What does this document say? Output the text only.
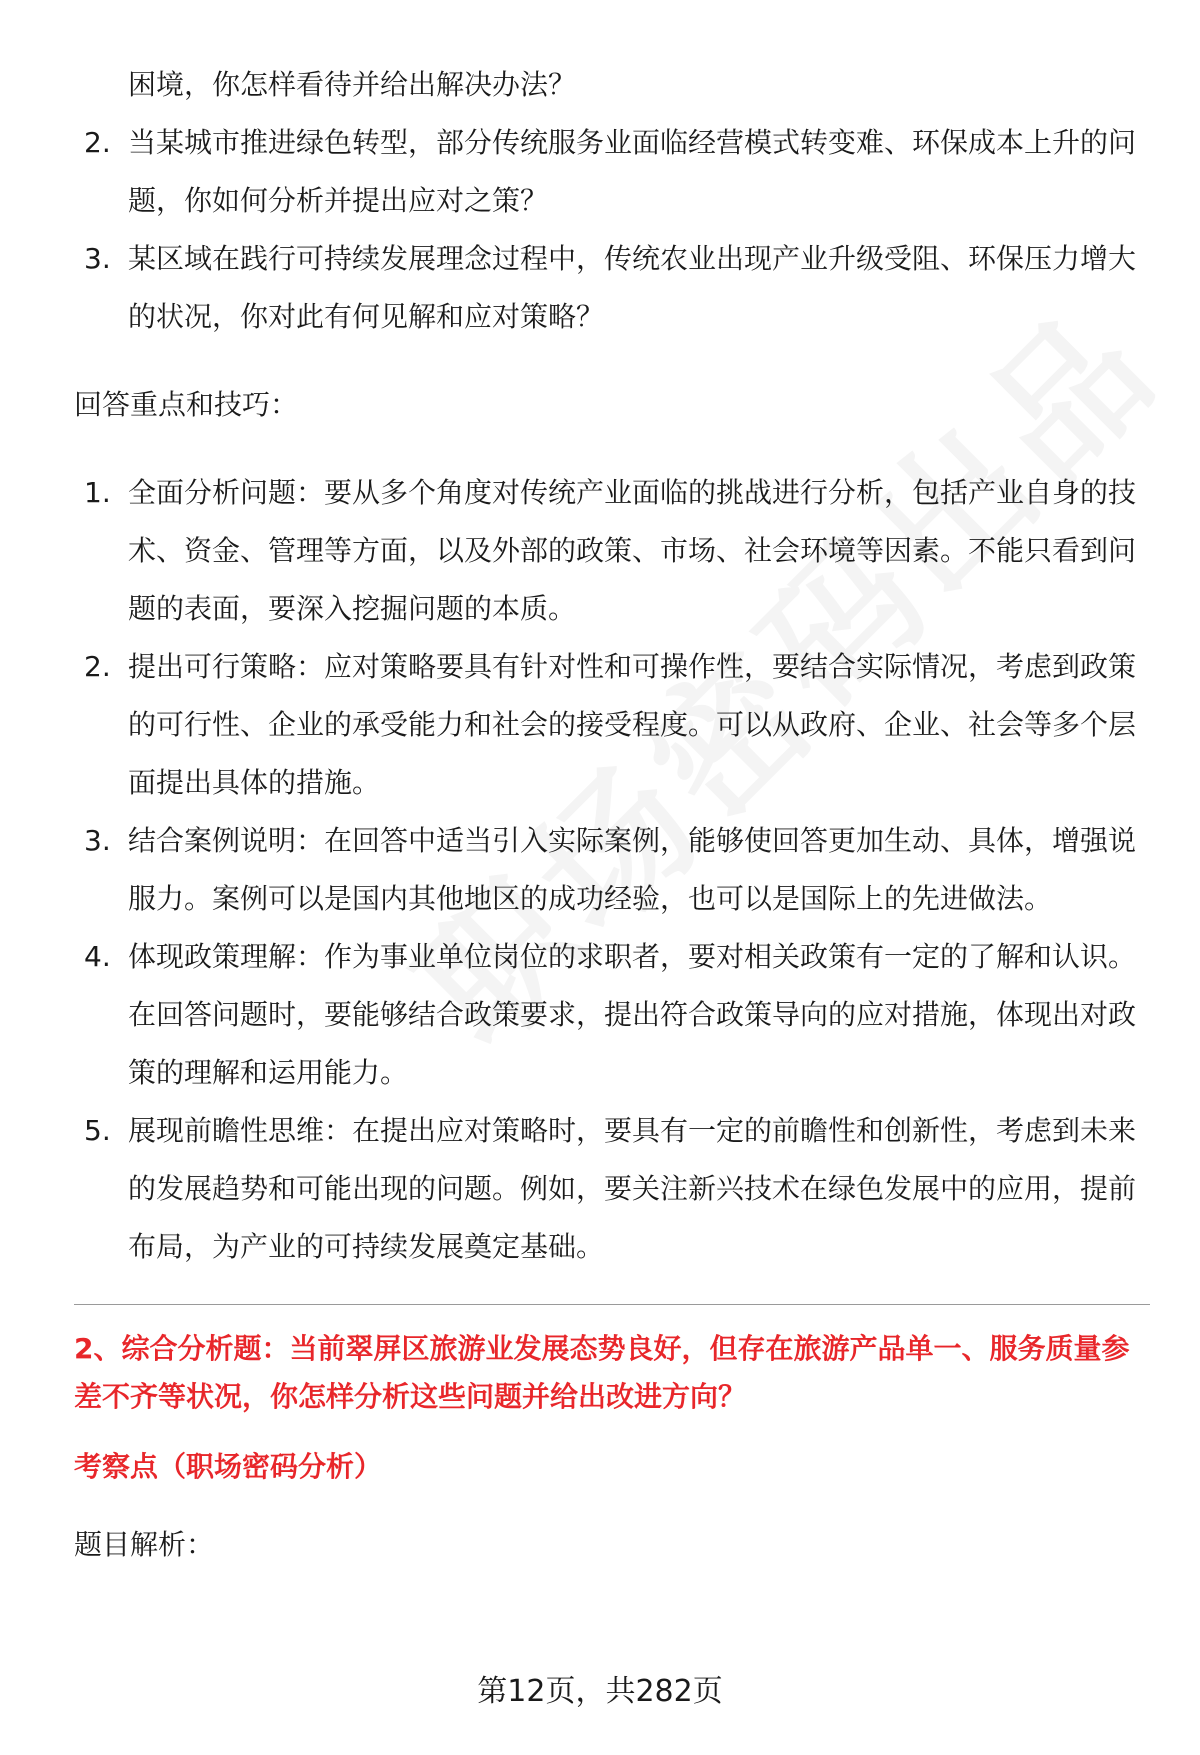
困境，你怎样看待并给出解决办法？
2. 当某城市推进绿色转型，部分传统服务业面临经营模式转变难、环保成本上升的问题，你如何分析并提出应对之策？
3. 某区域在践行可持续发展理念过程中，传统农业出现产业升级受阻、环保压力增大的状况，你对此有何见解和应对策略？
回答重点和技巧：
1. 全面分析问题：要从多个角度对传统产业面临的挑战进行分析，包括产业自身的技术、资金、管理等方面，以及外部的政策、市场、社会环境等因素。不能只看到问题的表面，要深入挖掘问题的本质。
2. 提出可行策略：应对策略要具有针对性和可操作性，要结合实际情况，考虑到政策的可行性、企业的承受能力和社会的接受程度。可以从政府、企业、社会等多个层面提出具体的措施。
3. 结合案例说明：在回答中适当引入实际案例，能够使回答更加生动、具体，增强说服力。案例可以是国内其他地区的成功经验，也可以是国际上的先进做法。
4. 体现政策理解：作为事业单位岗位的求职者，要对相关政策有一定的了解和认识。在回答问题时，要能够结合政策要求，提出符合政策导向的应对措施，体现出对政策的理解和运用能力。
5. 展现前瞻性思维：在提出应对策略时，要具有一定的前瞻性和创新性，考虑到未来的发展趋势和可能出现的问题。例如，要关注新兴技术在绿色发展中的应用，提前布局，为产业的可持续发展奠定基础。
2、综合分析题：当前翠屏区旅游业发展态势良好，但存在旅游产品单一、服务质量参差不齐等状况，你怎样分析这些问题并给出改进方向？
考察点（职场密码分析）
题目解析：
第12页，共282页
